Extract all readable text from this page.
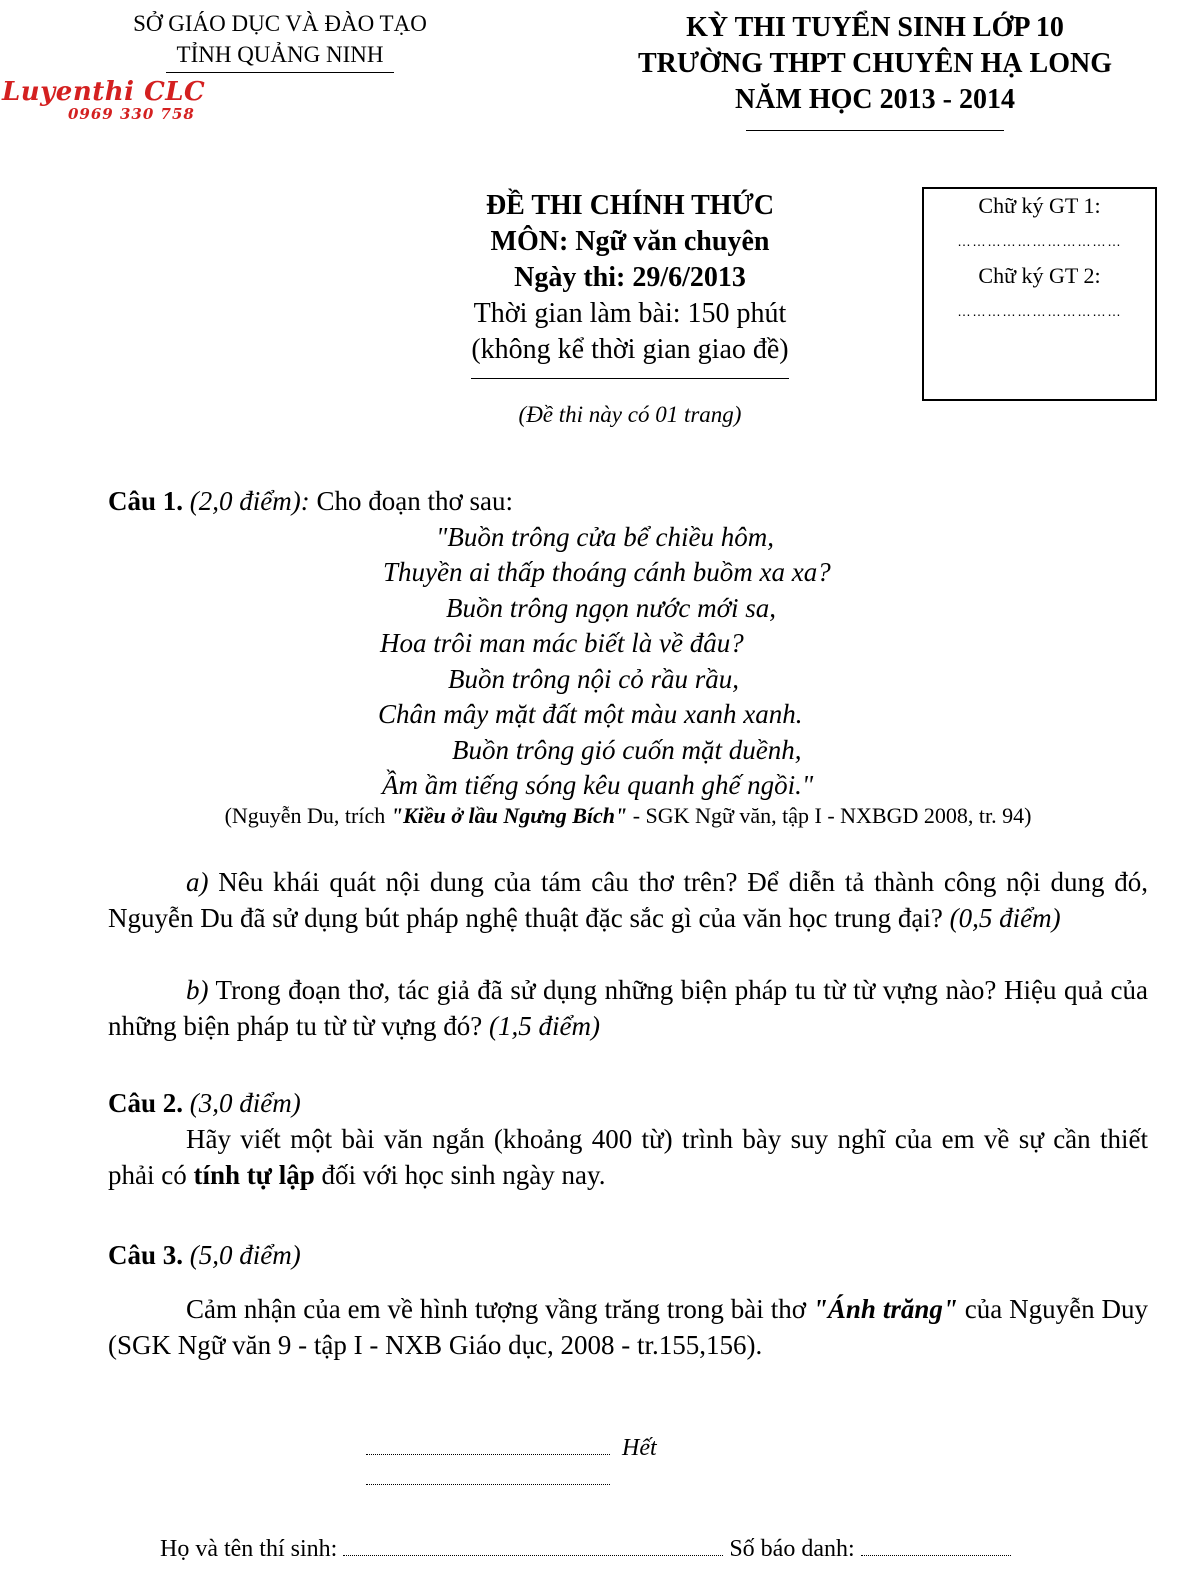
SỞ GIÁO DỤC VÀ ĐÀO TẠO
TỈNH QUẢNG NINH
Luyenthi CLC
0969 330 758
KỲ THI TUYỂN SINH LỚP 10
TRƯỜNG THPT CHUYÊN HẠ LONG
NĂM HỌC 2013 - 2014
ĐỀ THI CHÍNH THỨC
MÔN: Ngữ văn chuyên
Ngày thi: 29/6/2013
Thời gian làm bài: 150 phút
(không kể thời gian giao đề)
(Đề thi này có 01 trang)
Chữ ký GT 1:
……………………………
Chữ ký GT 2:
……………………………
Câu 1. (2,0 điểm): Cho đoạn thơ sau:
"Buồn trông cửa bể chiều hôm,
Thuyền ai thấp thoáng cánh buồm xa xa?
Buồn trông ngọn nước mới sa,
Hoa trôi man mác biết là về đâu?
Buồn trông nội cỏ rầu rầu,
Chân mây mặt đất một màu xanh xanh.
Buồn trông gió cuốn mặt duềnh,
Ầm ầm tiếng sóng kêu quanh ghế ngồi."
(Nguyễn Du, trích "Kiều ở lầu Ngưng Bích" - SGK Ngữ văn, tập I - NXBGD 2008, tr. 94)

a) Nêu khái quát nội dung của tám câu thơ trên? Để diễn tả thành công nội dung đó, Nguyễn Du đã sử dụng bút pháp nghệ thuật đặc sắc gì của văn học trung đại? (0,5 điểm)

b) Trong đoạn thơ, tác giả đã sử dụng những biện pháp tu từ từ vựng nào? Hiệu quả của những biện pháp tu từ từ vựng đó? (1,5 điểm)

Câu 2. (3,0 điểm)

Hãy viết một bài văn ngắn (khoảng 400 từ) trình bày suy nghĩ của em về sự cần thiết phải có tính tự lập đối với học sinh ngày nay.

Câu 3. (5,0 điểm)

Cảm nhận của em về hình tượng vầng trăng trong bài thơ "Ánh trăng" của Nguyễn Duy (SGK Ngữ văn 9 - tập I - NXB Giáo dục, 2008 - tr.155,156).

Hết
Họ và tên thí sinh:	Số báo danh:
